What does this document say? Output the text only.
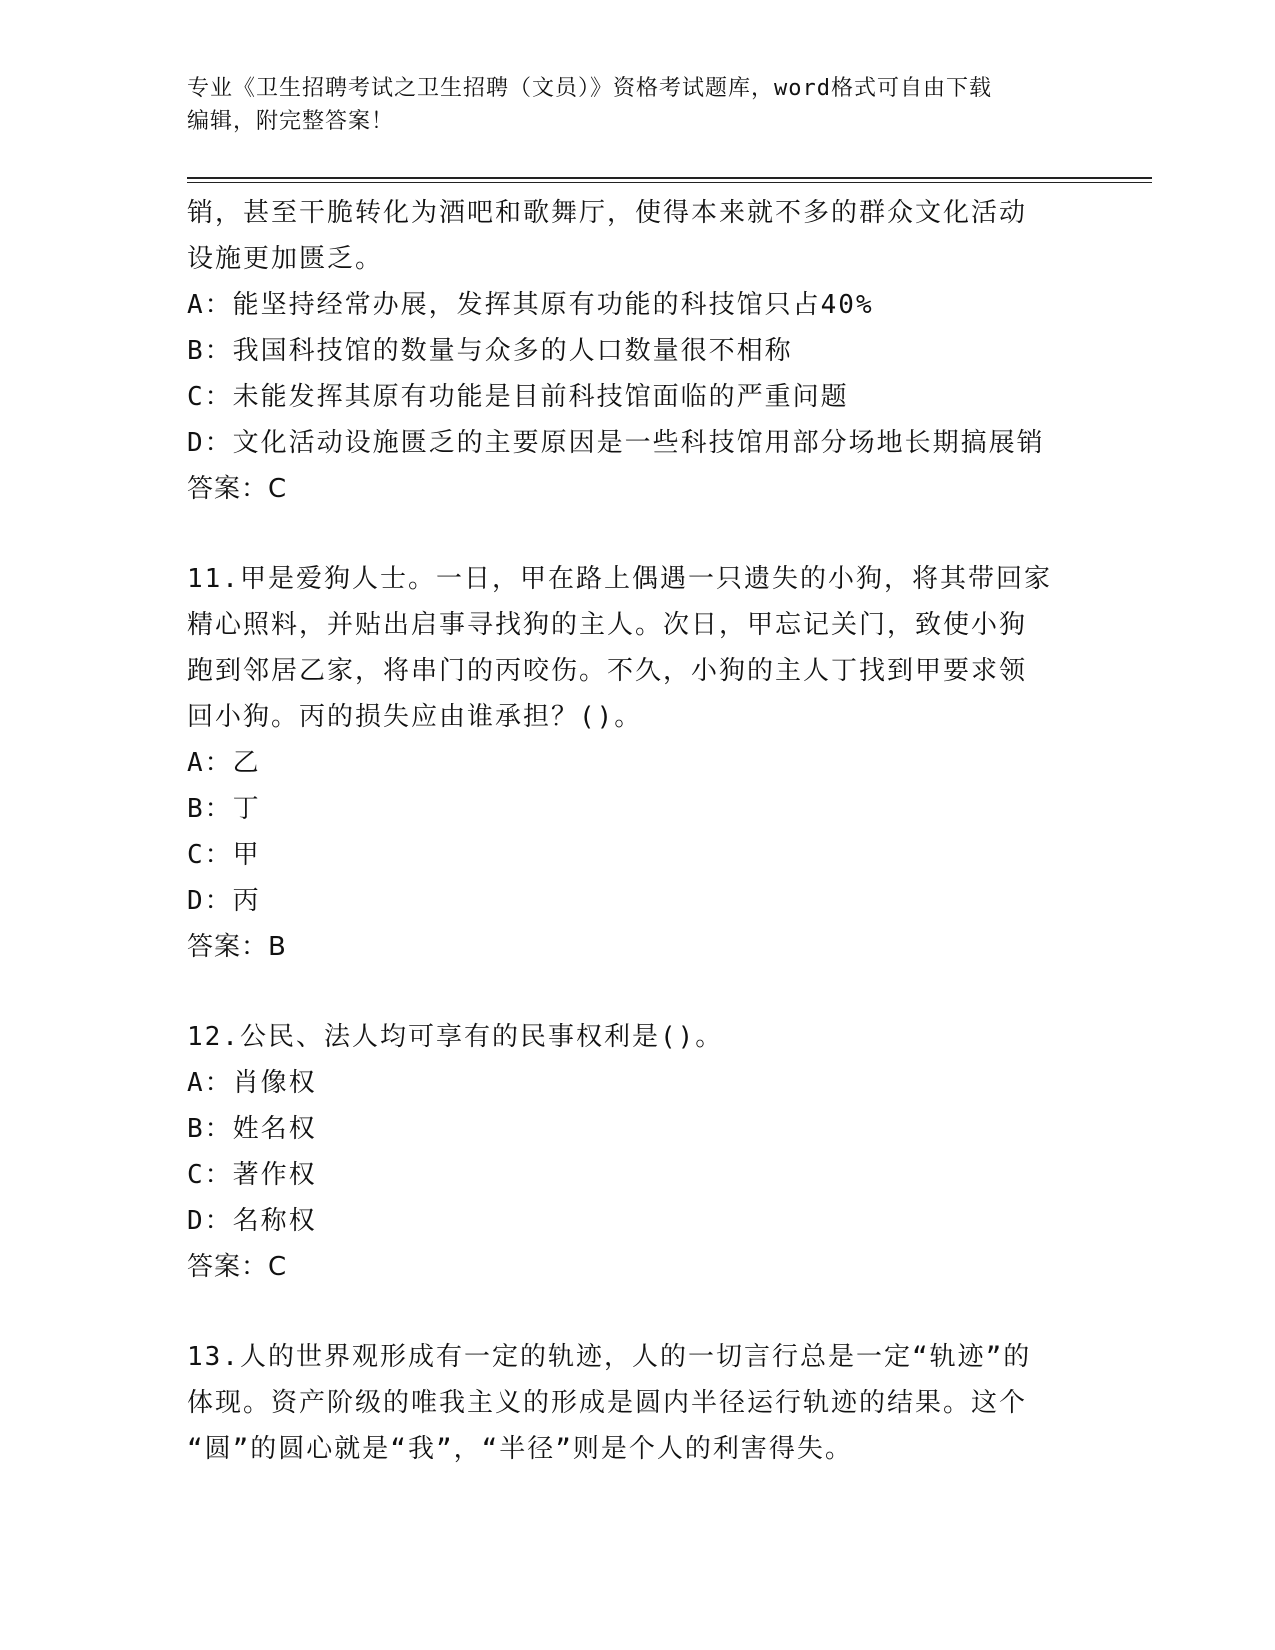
专业《卫生招聘考试之卫生招聘（文员）》资格考试题库，word格式可自由下载
编辑，附完整答案！

销，甚至干脆转化为酒吧和歌舞厅，使得本来就不多的群众文化活动

设施更加匮乏。

A：能坚持经常办展，发挥其原有功能的科技馆只占40%

B：我国科技馆的数量与众多的人口数量很不相称

C：未能发挥其原有功能是目前科技馆面临的严重问题

D：文化活动设施匮乏的主要原因是一些科技馆用部分场地长期搞展销

答案：C

11.甲是爱狗人士。一日，甲在路上偶遇一只遗失的小狗，将其带回家

精心照料，并贴出启事寻找狗的主人。次日，甲忘记关门，致使小狗

跑到邻居乙家，将串门的丙咬伤。不久，小狗的主人丁找到甲要求领

回小狗。丙的损失应由谁承担？()。

A：乙

B：丁

C：甲

D：丙

答案：B

12.公民、法人均可享有的民事权利是()。

A：肖像权

B：姓名权

C：著作权

D：名称权

答案：C

13.人的世界观形成有一定的轨迹，人的一切言行总是一定“轨迹”的

体现。资产阶级的唯我主义的形成是圆内半径运行轨迹的结果。这个

“圆”的圆心就是“我”，“半径”则是个人的利害得失。
